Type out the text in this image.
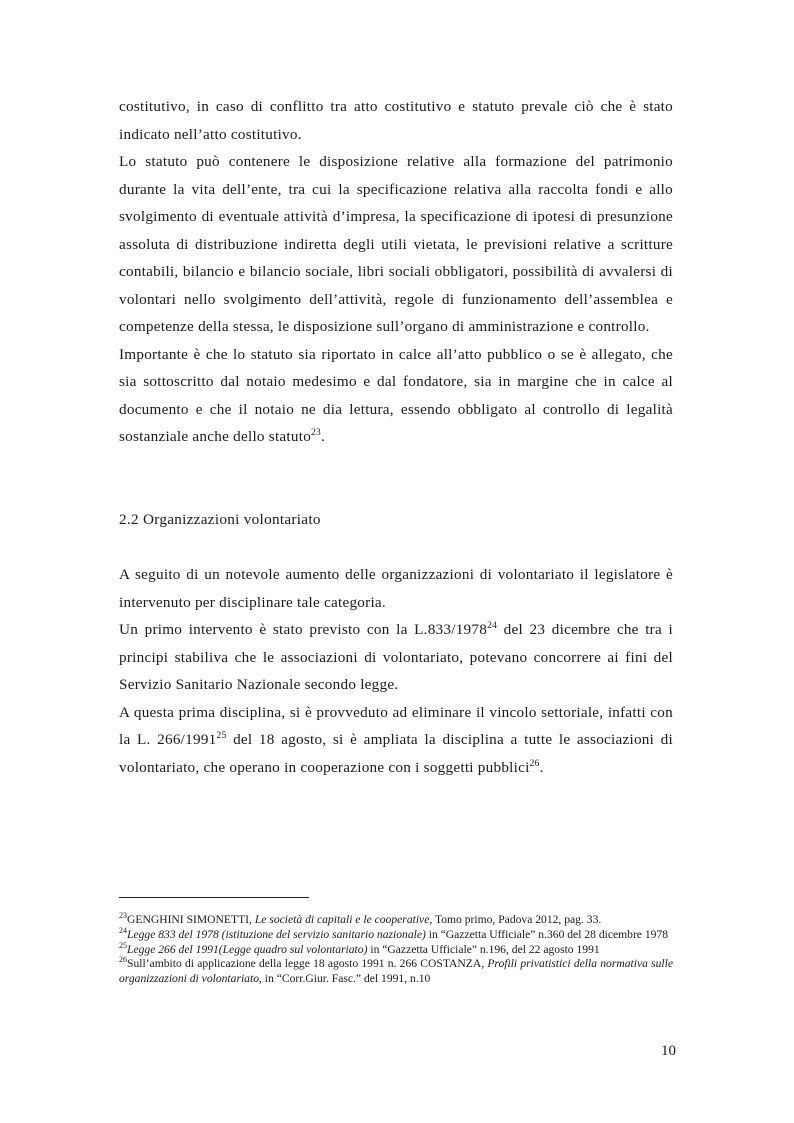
costitutivo, in caso di conflitto tra atto costitutivo e statuto prevale ciò che è stato indicato nell’atto costitutivo.

Lo statuto può contenere le disposizione relative alla formazione del patrimonio durante la vita dell’ente, tra cui la specificazione relativa alla raccolta fondi e allo svolgimento di eventuale attività d’impresa, la specificazione di ipotesi di presunzione assoluta di distribuzione indiretta degli utili vietata, le previsioni relative a scritture contabili, bilancio e bilancio sociale, libri sociali obbligatori, possibilità di avvalersi di volontari nello svolgimento dell’attività, regole di funzionamento dell’assemblea e competenze della stessa, le disposizione sull’organo di amministrazione e controllo.

Importante è che lo statuto sia riportato in calce all’atto pubblico o se è allegato, che sia sottoscritto dal notaio medesimo e dal fondatore, sia in margine che in calce al documento e che il notaio ne dia lettura, essendo obbligato al controllo di legalità sostanziale anche dello statuto$^{23}$.

2.2 Organizzazioni volontariato

A seguito di un notevole aumento delle organizzazioni di volontariato il legislatore è intervenuto per disciplinare tale categoria.

Un primo intervento è stato previsto con la L.833/1978$^{24}$ del 23 dicembre che tra i principi stabiliva che le associazioni di volontariato, potevano concorrere ai fini del Servizio Sanitario Nazionale secondo legge.

A questa prima disciplina, si è provveduto ad eliminare il vincolo settoriale, infatti con la L. 266/1991$^{25}$ del 18 agosto, si è ampliata la disciplina a tutte le associazioni di volontariato, che operano in cooperazione con i soggetti pubblici$^{26}$.

$^{23}$GENGHINI SIMONETTI, Le società di capitali e le cooperative, Tomo primo, Padova 2012, pag. 33.

$^{24}$Legge 833 del 1978 (istituzione del servizio sanitario nazionale) in “Gazzetta Ufficiale” n.360 del 28 dicembre 1978

$^{25}$Legge 266 del 1991(Legge quadro sul volontariato) in “Gazzetta Ufficiale” n.196, del 22 agosto 1991

$^{26}$Sull’ambito di applicazione della legge 18 agosto 1991 n. 266 COSTANZA, Profili privatistici della normativa sulle organizzazioni di volontariato, in “Corr.Giur. Fasc.” del 1991, n.10

10
